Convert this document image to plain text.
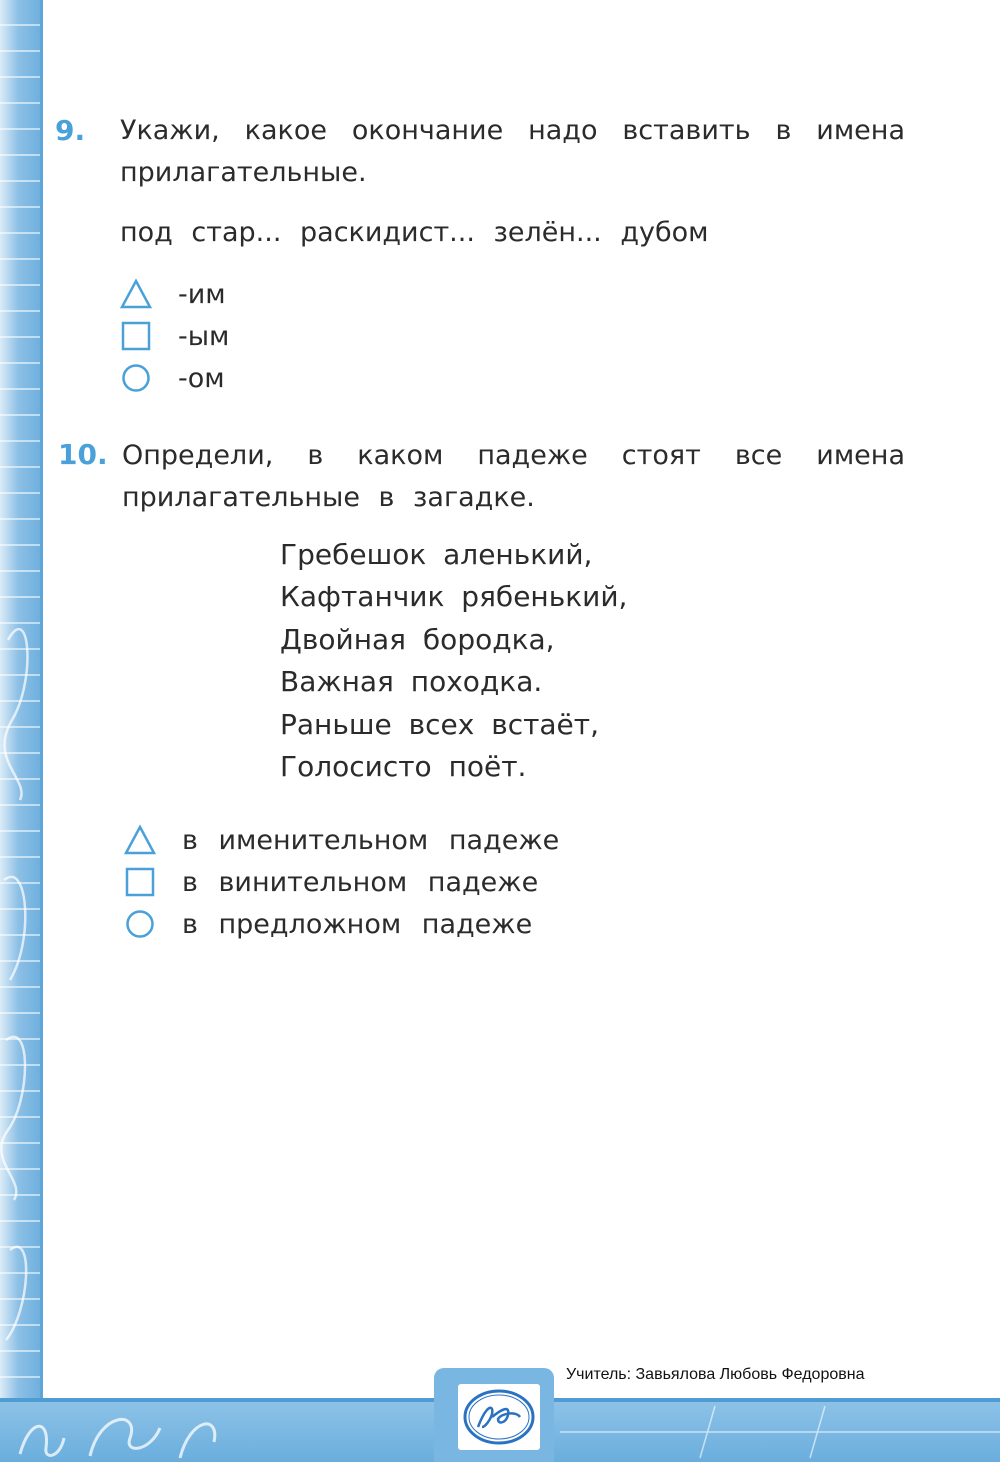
Учитель: Завьялова Любовь Федоровна
9. Укажи, какое окончание надо вставить в имена
прилагательные.
под стар... раскидист... зелён... дубом
-им
-ым
-ом
10. Определи, в каком падеже стоят все имена
прилагательные в загадке.
Гребешок аленький,
Кафтанчик рябенький,
Двойная бородка,
Важная походка.
Раньше всех встаёт,
Голосисто поёт.
в именительном падеже
в винительном падеже
в предложном падеже
